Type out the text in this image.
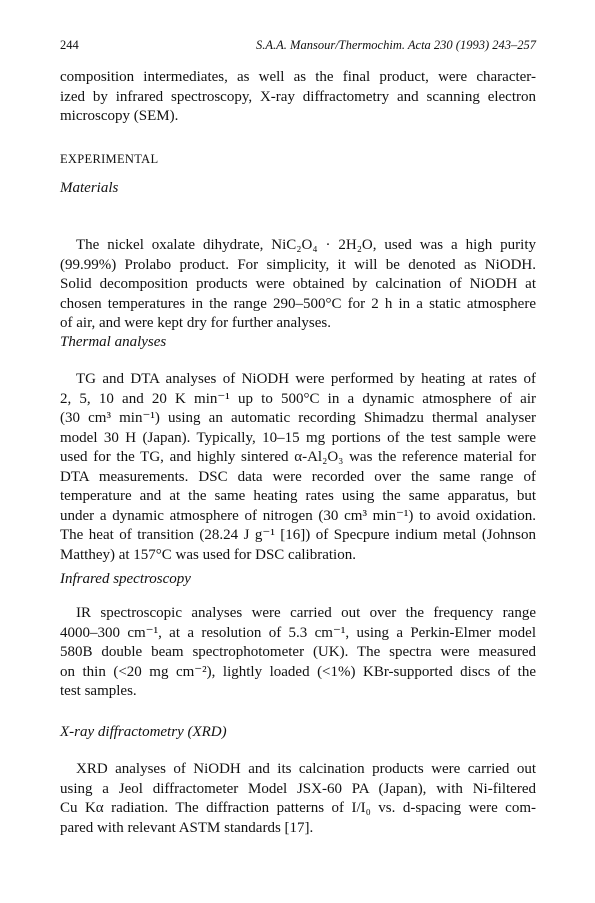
244	S.A.A. Mansour/Thermochim. Acta 230 (1993) 243–257
composition intermediates, as well as the final product, were character-
ized by infrared spectroscopy, X-ray diffractometry and scanning electron
microscopy (SEM).
EXPERIMENTAL
Materials
The nickel oxalate dihydrate, NiC₂O₄ · 2H₂O, used was a high purity
(99.99%) Prolabo product. For simplicity, it will be denoted as NiODH.
Solid decomposition products were obtained by calcination of NiODH at
chosen temperatures in the range 290–500°C for 2 h in a static atmosphere
of air, and were kept dry for further analyses.
Thermal analyses
TG and DTA analyses of NiODH were performed by heating at rates of
2, 5, 10 and 20 K min⁻¹ up to 500°C in a dynamic atmosphere of air
(30 cm³ min⁻¹) using an automatic recording Shimadzu thermal analyser
model 30 H (Japan). Typically, 10–15 mg portions of the test sample were
used for the TG, and highly sintered α-Al₂O₃ was the reference material for
DTA measurements. DSC data were recorded over the same range of
temperature and at the same heating rates using the same apparatus, but
under a dynamic atmosphere of nitrogen (30 cm³ min⁻¹) to avoid oxidation.
The heat of transition (28.24 J g⁻¹ [16]) of Specpure indium metal (Johnson
Matthey) at 157°C was used for DSC calibration.
Infrared spectroscopy
IR spectroscopic analyses were carried out over the frequency range
4000–300 cm⁻¹, at a resolution of 5.3 cm⁻¹, using a Perkin-Elmer model
580B double beam spectrophotometer (UK). The spectra were measured
on thin (<20 mg cm⁻²), lightly loaded (<1%) KBr-supported discs of the
test samples.
X-ray diffractometry (XRD)
XRD analyses of NiODH and its calcination products were carried out
using a Jeol diffractometer Model JSX-60 PA (Japan), with Ni-filtered
Cu Kα radiation. The diffraction patterns of I/I₀ vs. d-spacing were com-
pared with relevant ASTM standards [17].
